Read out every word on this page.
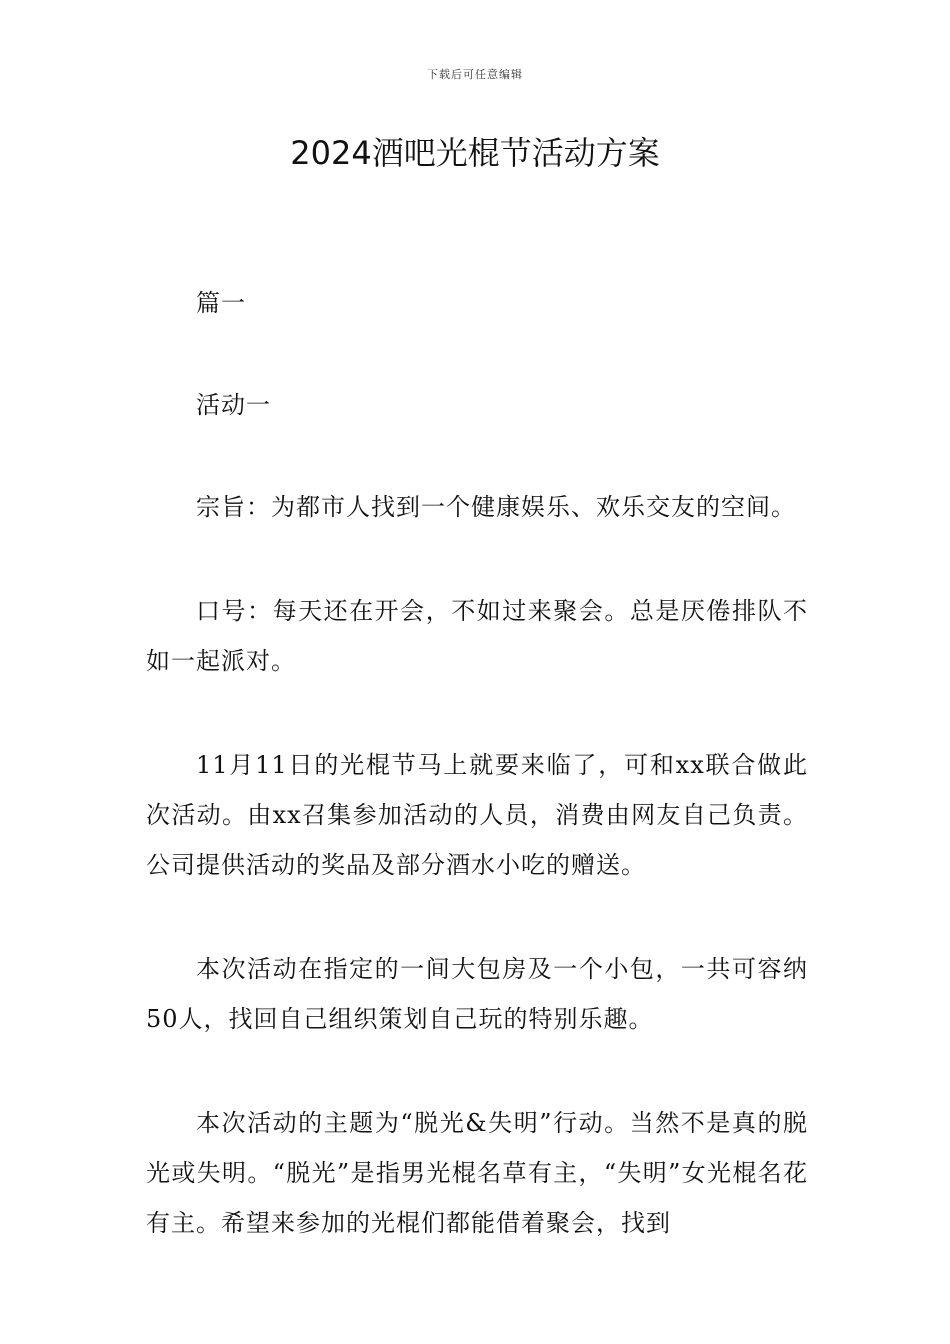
下载后可任意编辑
2024酒吧光棍节活动方案

篇一

活动一

宗旨：为都市人找到一个健康娱乐、欢乐交友的空间。

口号：每天还在开会，不如过来聚会。总是厌倦排队不如一起派对。

11月11日的光棍节马上就要来临了，可和xx联合做此次活动。由xx召集参加活动的人员，消费由网友自己负责。公司提供活动的奖品及部分酒水小吃的赠送。

本次活动在指定的一间大包房及一个小包，一共可容纳50人，找回自己组织策划自己玩的特别乐趣。

本次活动的主题为“脱光&失明”行动。当然不是真的脱光或失明。“脱光”是指男光棍名草有主，“失明”女光棍名花有主。希望来参加的光棍们都能借着聚会，找到
